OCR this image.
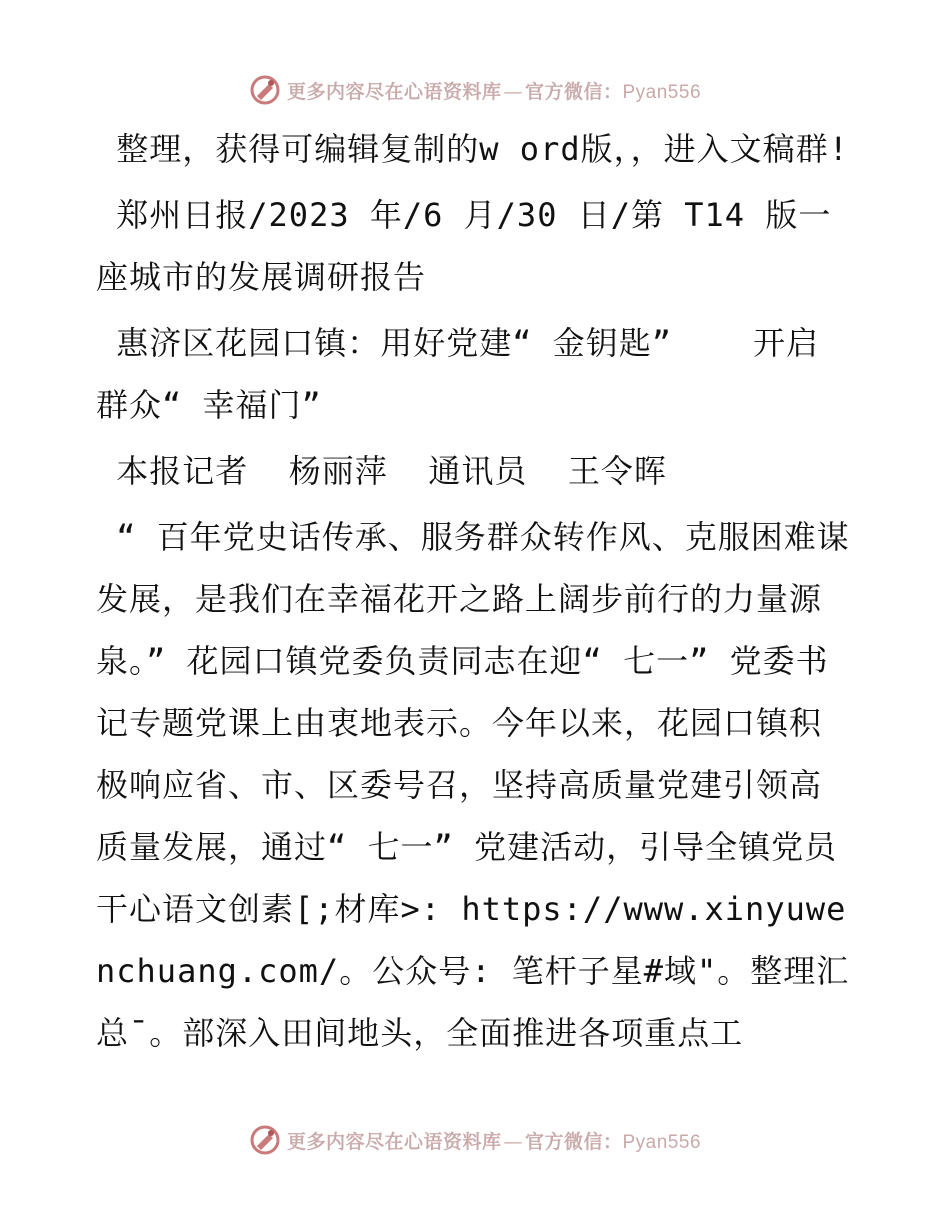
更多内容尽在心语资料库 — 官方微信：Pyan556

整理，获得可编辑复制的w ord版，，进入文稿群!

郑州日报/2023 年/6 月/30 日/第 T14 版一座城市的发展调研报告

惠济区花园口镇：用好党建“ 金钥匙”    开启群众“ 幸福门”

本报记者  杨丽萍  通讯员  王令晖

“ 百年党史话传承、服务群众转作风、克服困难谋发展，是我们在幸福花开之路上阔步前行的力量源泉。” 花园口镇党委负责同志在迎“ 七一” 党委书记专题党课上由衷地表示。今年以来，花园口镇积极响应省、市、区委号召，坚持高质量党建引领高质量发展，通过“ 七一” 党建活动，引导全镇党员干心语文创素[;材库>: https://www.xinyuwenchuang.com/。公众号: 笔杆子星#域"。整理汇总¯。部深入田间地头，全面推进各项重点工

更多内容尽在心语资料库 — 官方微信：Pyan556
